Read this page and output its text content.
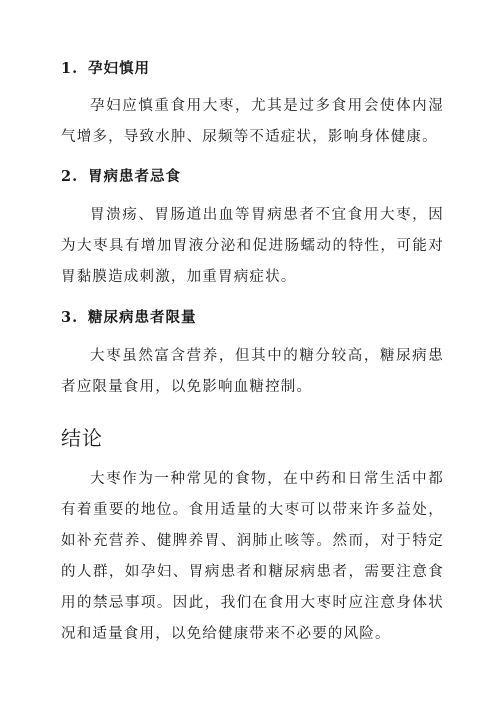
1. 孕妇慎用

孕妇应慎重食用大枣，尤其是过多食用会使体内湿气增多，导致水肿、尿频等不适症状，影响身体健康。

2. 胃病患者忌食

胃溃疡、胃肠道出血等胃病患者不宜食用大枣，因为大枣具有增加胃液分泌和促进肠蠕动的特性，可能对胃黏膜造成刺激，加重胃病症状。

3. 糖尿病患者限量

大枣虽然富含营养，但其中的糖分较高，糖尿病患者应限量食用，以免影响血糖控制。

结论

大枣作为一种常见的食物，在中药和日常生活中都有着重要的地位。食用适量的大枣可以带来许多益处，如补充营养、健脾养胃、润肺止咳等。然而，对于特定的人群，如孕妇、胃病患者和糖尿病患者，需要注意食用的禁忌事项。因此，我们在食用大枣时应注意身体状况和适量食用，以免给健康带来不必要的风险。
